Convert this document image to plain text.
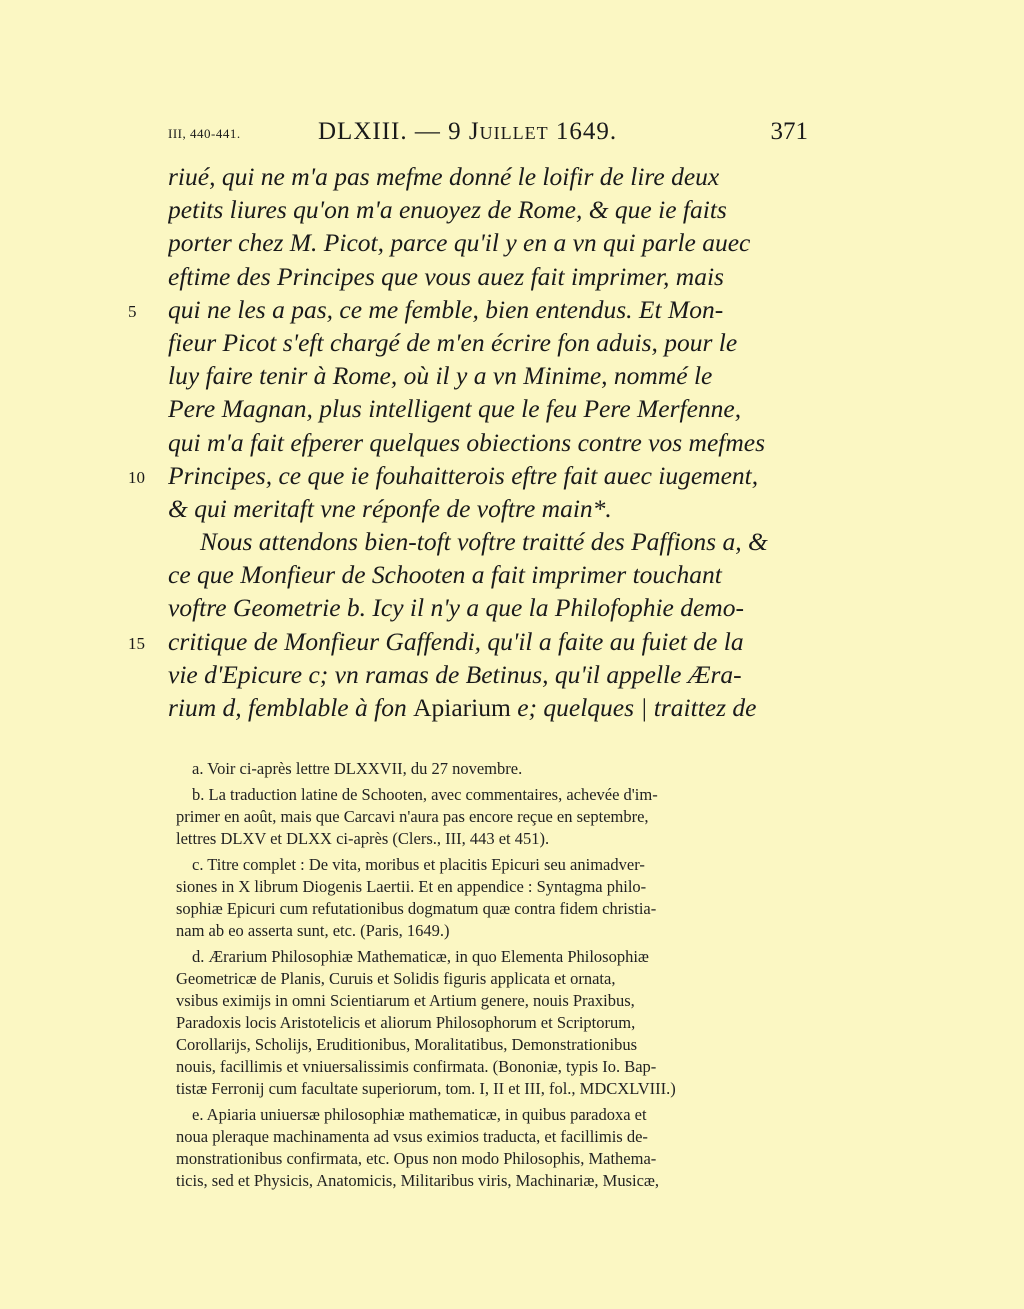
III, 440-441.	DLXIII. — 9 Juillet 1649.	371
5
10
15
riué, qui ne m'a pas mefme donné le loifir de lire deux
petits liures qu'on m'a enuoyez de Rome, & que ie faits
porter chez M. Picot, parce qu'il y en a vn qui parle auec
eftime des Principes que vous auez fait imprimer, mais
qui ne les a pas, ce me femble, bien entendus. Et Mon-
fieur Picot s'eft chargé de m'en écrire fon aduis, pour le
luy faire tenir à Rome, où il y a vn Minime, nommé le
Pere Magnan, plus intelligent que le feu Pere Merfenne,
qui m'a fait efperer quelques obiections contre vos mefmes
Principes, ce que ie fouhaitterois eftre fait auec iugement,
& qui meritaft vne réponfe de voftre main*.
Nous attendons bien-toft voftre traitté des Paffions a, &
ce que Monfieur de Schooten a fait imprimer touchant
voftre Geometrie b. Icy il n'y a que la Philofophie demo-
critique de Monfieur Gaffendi, qu'il a faite au fuiet de la
vie d'Epicure c; vn ramas de Betinus, qu'il appelle Æra-
rium d, femblable à fon Apiarium e; quelques | traittez de
a. Voir ci-après lettre DLXXVII, du 27 novembre.
b. La traduction latine de Schooten, avec commentaires, achevée d'im-
primer en août, mais que Carcavi n'aura pas encore reçue en septembre,
lettres DLXV et DLXX ci-après (Clers., III, 443 et 451).
c. Titre complet : De vita, moribus et placitis Epicuri seu animadver-
siones in X librum Diogenis Laertii. Et en appendice : Syntagma philo-
sophiæ Epicuri cum refutationibus dogmatum quæ contra fidem christia-
nam ab eo asserta sunt, etc. (Paris, 1649.)
d. Ærarium Philosophiæ Mathematicæ, in quo Elementa Philosophiæ
Geometricæ de Planis, Curuis et Solidis figuris applicata et ornata,
vsibus eximijs in omni Scientiarum et Artium genere, nouis Praxibus,
Paradoxis locis Aristotelicis et aliorum Philosophorum et Scriptorum,
Corollarijs, Scholijs, Eruditionibus, Moralitatibus, Demonstrationibus
nouis, facillimis et vniuersalissimis confirmata. (Bononiæ, typis Io. Bap-
tistæ Ferronij cum facultate superiorum, tom. I, II et III, fol., MDCXLVIII.)
e. Apiaria uniuersæ philosophiæ mathematicæ, in quibus paradoxa et
noua pleraque machinamenta ad vsus eximios traducta, et facillimis de-
monstrationibus confirmata, etc. Opus non modo Philosophis, Mathema-
ticis, sed et Physicis, Anatomicis, Militaribus viris, Machinariæ, Musicæ,
